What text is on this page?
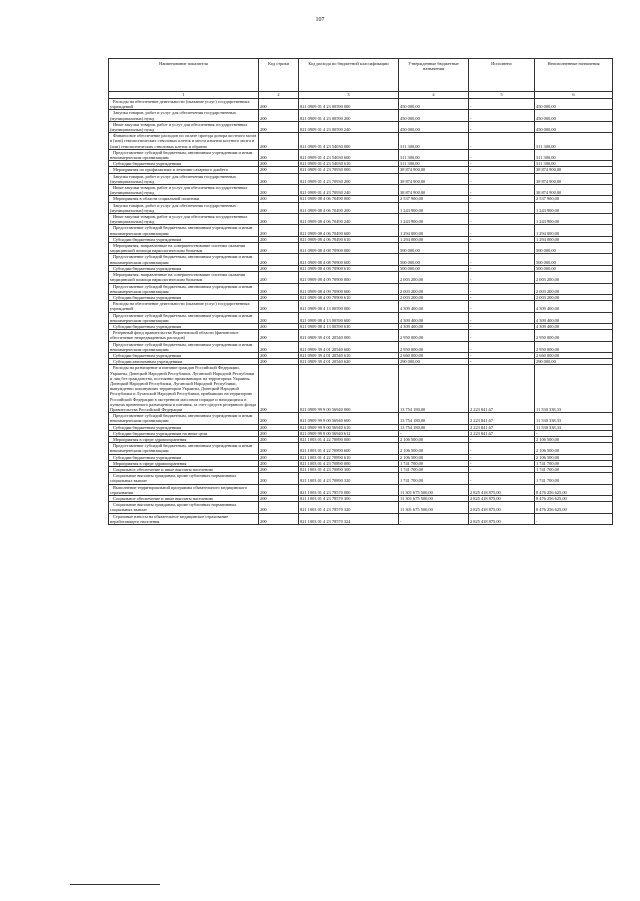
107
Наименование показателя	Код строки	Код расхода по бюджетной классификации	Утвержденные бюджетные назначения	Исполнено	Неисполненные назначения
1	2	3	4	5	6
Расходы на обеспечение деятельности (оказание услуг) государственных учреждений	200	821 0909 01 4 23 00590 000	450 000,00	-	450 000,00
Закупка товаров, работ и услуг для обеспечения государственных (муниципальных) нужд	200	821 0909 01 4 23 00590 200	450 000,00	-	450 000,00
Иные закупки товаров, работ и услуг для обеспечения государственных (муниципальных) нужд	200	821 0909 01 4 23 00590 240	450 000,00	-	450 000,00
Финансовое обеспечение расходов по оплате проезда донора костного мозга в (или) гемопоэтических стволовых клеток и места изъятия костного мозга и (или) гемопоэтических стволовых клеток и обратно	200	821 0909 01 4 23 54030 000	311 300,00	-	311 300,00
Предоставление субсидий бюджетным, автономным учреждениям и иным некоммерческим организациям	200	821 0909 01 4 23 54030 600	311 300,00	-	311 300,00
Субсидии бюджетным учреждениям	200	821 0909 01 4 23 54030 610	311 300,00	-	311 300,00
Мероприятия по профилактике и лечению сахарного диабета	200	821 0909 01 4 23 70930 000	38 874 900,00	-	38 874 900,00
Закупка товаров, работ и услуг для обеспечения государственных (муниципальных) нужд	200	821 0909 01 4 23 70930 200	38 874 900,00	-	38 874 900,00
Иные закупки товаров, работ и услуг для обеспечения государственных (муниципальных) нужд	200	821 0909 01 4 23 70930 240	38 874 900,00	-	38 874 900,00
Мероприятия в области социальной политики	200	821 0909 08 4 06 70490 000	2 537 900,00	-	2 537 900,00
Закупка товаров, работ и услуг для обеспечения государственных (муниципальных) нужд	200	821 0909 08 4 06 70490 200	1 243 900,00	-	1 243 900,00
Иные закупки товаров, работ и услуг для обеспечения государственных (муниципальных) нужд	200	821 0909 08 4 06 70490 240	1 243 900,00	-	1 243 900,00
Предоставление субсидий бюджетным, автономным учреждениям и иным некоммерческим организациям	200	821 0909 08 4 06 70490 600	1 294 000,00	-	1 294 000,00
Субсидии бюджетным учреждениям	200	821 0909 08 4 06 70490 610	1 294 000,00	-	1 294 000,00
Мероприятия, направленные на совершенствование системы оказания медицинской помощи наркологическим больным	200	821 0909 08 4 08 70900 000	500 000,00	-	500 000,00
Предоставление субсидий бюджетным, автономным учреждениям и иным некоммерческим организациям	200	821 0909 08 4 08 70900 600	500 000,00	-	500 000,00
Субсидии бюджетным учреждениям	200	821 0909 08 4 08 70900 610	500 000,00	-	500 000,00
Мероприятия, направленные на совершенствование системы оказания медицинской помощи наркологическим больным	200	821 0909 08 4 09 70900 000	2 003 200,00	-	2 003 200,00
Предоставление субсидий бюджетным, автономным учреждениям и иным некоммерческим организациям	200	821 0909 08 4 09 70900 600	2 003 200,00	-	2 003 200,00
Субсидии бюджетным учреждениям	200	821 0909 08 4 09 70900 610	2 003 200,00	-	2 003 200,00
Расходы на обеспечение деятельности (оказание услуг) государственных учреждений	200	821 0909 08 4 13 00590 000	4 309 400,00	-	4 309 400,00
Предоставление субсидий бюджетным, автономным учреждениям и иным некоммерческим организациям	200	821 0909 08 4 13 00590 600	4 309 400,00	-	4 309 400,00
Субсидии бюджетным учреждениям	200	821 0909 08 4 13 00590 610	4 309 400,00	-	4 309 400,00
Резервный фонд правительства Воронежской области (финансовое обеспечение непредвиденных расходов)	200	821 0909 39 4 01 20540 000	2 950 000,00	-	2 950 000,00
Предоставление субсидий бюджетным, автономным учреждениям и иным некоммерческим организациям	200	821 0909 39 4 01 20540 600	2 950 000,00	-	2 950 000,00
Субсидии бюджетным учреждениям	200	821 0909 39 4 01 20540 610	2 660 000,00	-	2 660 000,00
Субсидии автономным учреждениям	200	821 0909 39 4 01 20540 620	290 000,00	-	290 000,00
Расходы на размещение и питание граждан Российской Федерации, Украины, Донецкой Народной Республики, Луганской Народной Республики и лиц без гражданства, постоянно проживающих на территориях Украины, Донецкой Народной Республики, Луганской Народной Республики, вынужденно покинувших территории Украины, Донецкой Народной Республики и Луганской Народной Республики, прибывших на территорию Российской Федерации в экстренном массовом порядке и находящихся в пунктах временного размещения и питания, за счет средств резервного фонда Правительства Российской Федерации	200	821 0909 99 9 00 56940 000	13 754 180,00	2 223 841,67	11 530 338,33
Предоставление субсидий бюджетным, автономным учреждениям и иным некоммерческим организациям	200	821 0909 99 9 00 56940 600	13 754 180,00	2 223 841,67	11 530 338,33
Субсидии бюджетным учреждениям	200	821 0909 99 9 00 56940 610	13 754 180,00	2 223 841,67	11 530 338,33
Субсидии бюджетным учреждениям на иные цели	200	821 0909 99 9 00 56940 612	-	2 223 841,67	-
Мероприятия в сфере здравоохранения	200	821 1003 01 4 22 70890 000	2 106 500,00	-	2 106 500,00
Предоставление субсидий бюджетным, автономным учреждениям и иным некоммерческим организациям	200	821 1003 01 4 22 70890 600	2 106 500,00	-	2 106 500,00
Субсидии бюджетным учреждениям	200	821 1003 01 4 22 70890 610	2 106 500,00	-	2 106 500,00
Мероприятия в сфере здравоохранения	200	821 1003 01 4 23 70890 000	1 741 700,00	-	1 741 700,00
Социальное обеспечение и иные выплаты населению	200	821 1003 01 4 23 70890 300	1 741 700,00	-	1 741 700,00
Социальные выплаты гражданам, кроме публичных нормативных социальных выплат	200	821 1003 01 4 23 70890 320	1 741 700,00	-	1 741 700,00
Выполнение территориальной программы обязательного медицинского страхования	200	821 1003 01 4 23 78570 000	11 301 675 500,00	2 825 418 875,00	8 476 256 625,00
Социальное обеспечение и иные выплаты населению	200	821 1003 01 4 23 78570 300	11 301 675 500,00	2 825 418 875,00	8 476 256 625,00
Социальные выплаты гражданам, кроме публичных нормативных социальных выплат	200	821 1003 01 4 23 78570 320	11 301 675 500,00	2 825 418 875,00	8 476 256 625,00
Страховые взносы на обязательное медицинское страхование неработающего населения	200	821 1003 01 4 23 78570 324	-	2 825 418 875,00	-
